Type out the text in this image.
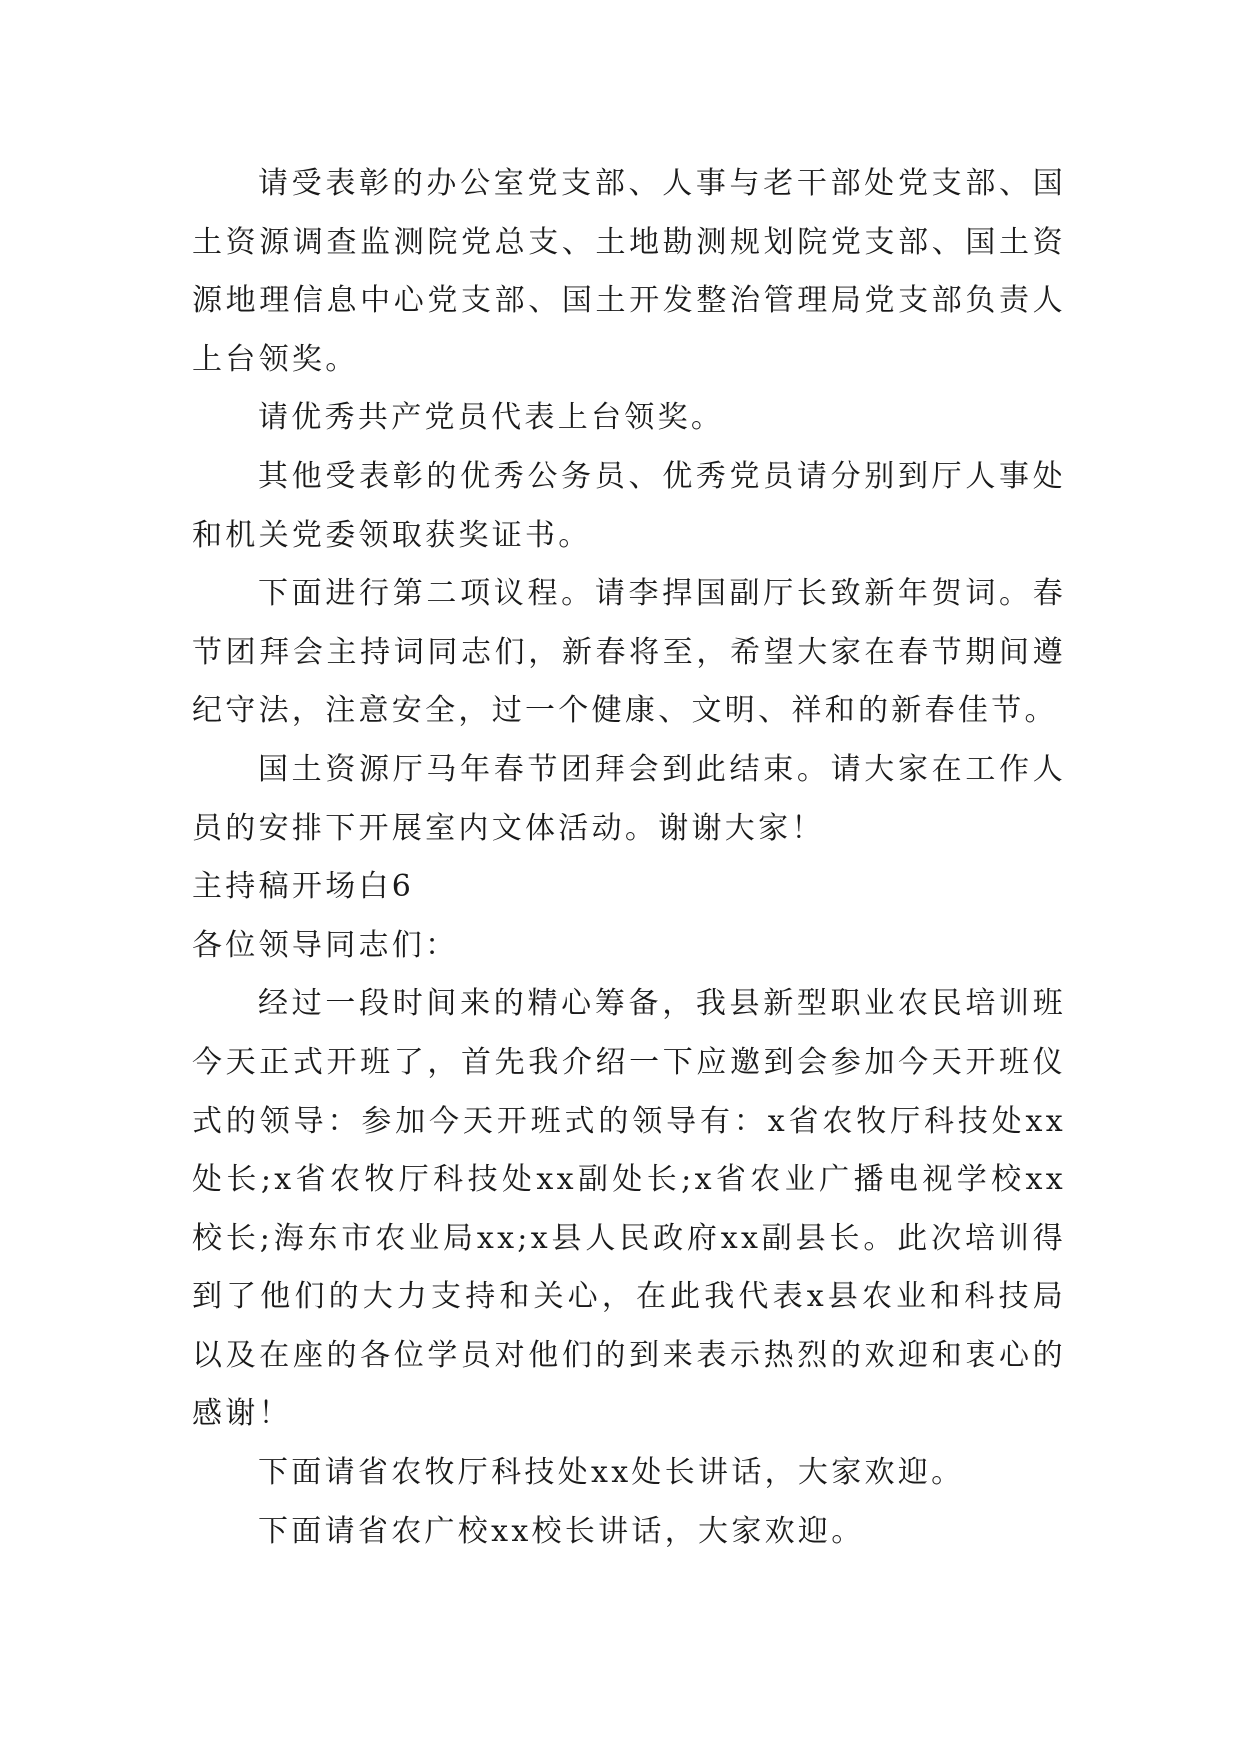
请受表彰的办公室党支部、人事与老干部处党支部、国土资源调查监测院党总支、土地勘测规划院党支部、国土资源地理信息中心党支部、国土开发整治管理局党支部负责人上台领奖。

请优秀共产党员代表上台领奖。

其他受表彰的优秀公务员、优秀党员请分别到厅人事处和机关党委领取获奖证书。

下面进行第二项议程。请李捍国副厅长致新年贺词。春节团拜会主持词同志们，新春将至，希望大家在春节期间遵纪守法，注意安全，过一个健康、文明、祥和的新春佳节。

国土资源厅马年春节团拜会到此结束。请大家在工作人员的安排下开展室内文体活动。谢谢大家！

主持稿开场白6

各位领导同志们：

经过一段时间来的精心筹备，我县新型职业农民培训班今天正式开班了，首先我介绍一下应邀到会参加今天开班仪式的领导：参加今天开班式的领导有：x省农牧厅科技处xx处长;x省农牧厅科技处xx副处长;x省农业广播电视学校xx校长;海东市农业局xx;x县人民政府xx副县长。此次培训得到了他们的大力支持和关心，在此我代表x县农业和科技局以及在座的各位学员对他们的到来表示热烈的欢迎和衷心的感谢！

下面请省农牧厅科技处xx处长讲话，大家欢迎。

下面请省农广校xx校长讲话，大家欢迎。
